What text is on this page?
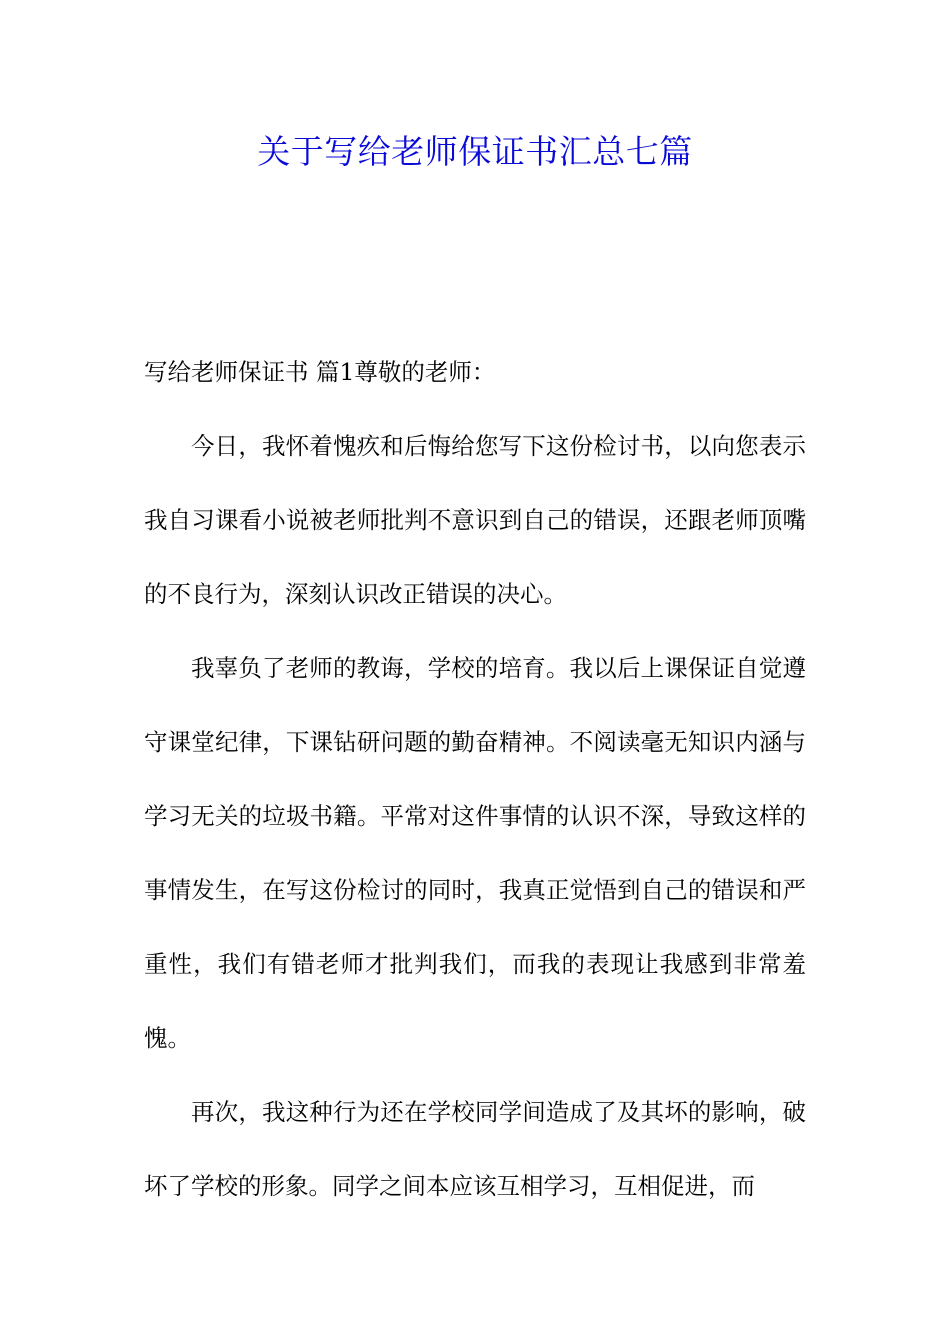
关于写给老师保证书汇总七篇

写给老师保证书 篇1尊敬的老师：

今日，我怀着愧疚和后悔给您写下这份检讨书，以向您表示我自习课看小说被老师批判不意识到自己的错误，还跟老师顶嘴的不良行为，深刻认识改正错误的决心。

我辜负了老师的教诲，学校的培育。我以后上课保证自觉遵守课堂纪律，下课钻研问题的勤奋精神。不阅读毫无知识内涵与学习无关的垃圾书籍。平常对这件事情的认识不深，导致这样的事情发生，在写这份检讨的同时，我真正觉悟到自己的错误和严重性，我们有错老师才批判我们，而我的表现让我感到非常羞愧。

再次，我这种行为还在学校同学间造成了及其坏的影响，破坏了学校的形象。同学之间本应该互相学习，互相促进，而
